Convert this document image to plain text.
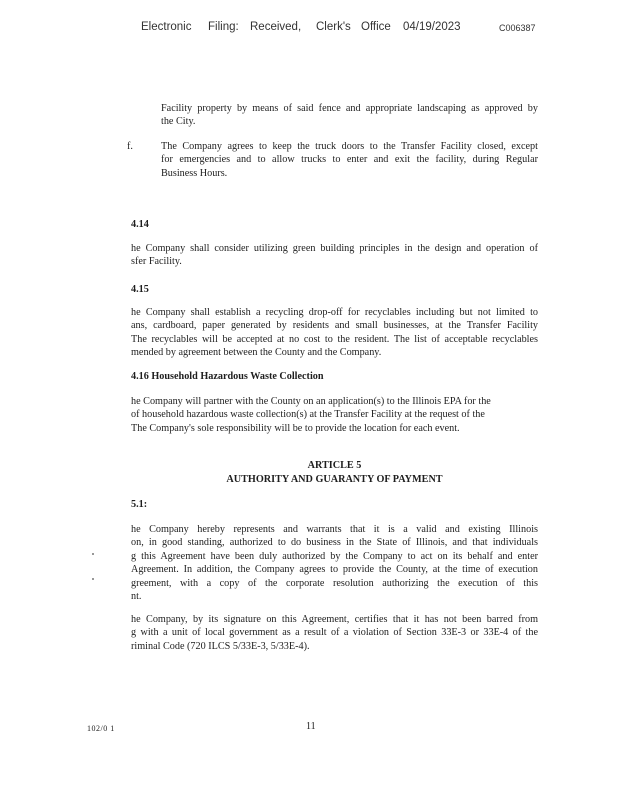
Electronic Filing: Received, Clerk's Office 04/19/2023	C006387
Facility property by means of said fence and appropriate landscaping as approved by
the City.
f.	The Company agrees to keep the truck doors to the Transfer Facility closed, except
for emergencies and to allow trucks to enter and exit the facility, during Regular
Business Hours.
4.14
he Company shall consider utilizing green building principles in the design and operation of
sfer Facility.
4.15
he Company shall establish a recycling drop-off for recyclables including but not limited to
ans, cardboard, paper generated by residents and small businesses, at the Transfer Facility
The recyclables will be accepted at no cost to the resident. The list of acceptable recyclables
mended by agreement between the County and the Company.
4.16 Household Hazardous Waste Collection
he Company will partner with the County on an application(s) to the Illinois EPA for the
of household hazardous waste collection(s) at the Transfer Facility at the request of the
The Company's sole responsibility will be to provide the location for each event.
ARTICLE 5
AUTHORITY AND GUARANTY OF PAYMENT
5.1:
he Company hereby represents and warrants that it is a valid and existing Illinois
on, in good standing, authorized to do business in the State of Illinois, and that individuals
g this Agreement have been duly authorized by the Company to act on its behalf and enter
Agreement. In addition, the Company agrees to provide the County, at the time of execution
greement, with a copy of the corporate resolution authorizing the execution of this
nt.
he Company, by its signature on this Agreement, certifies that it has not been barred from
g with a unit of local government as a result of a violation of Section 33E-3 or 33E-4 of the
riminal Code (720 ILCS 5/33E-3, 5/33E-4).
102/0 1	11
